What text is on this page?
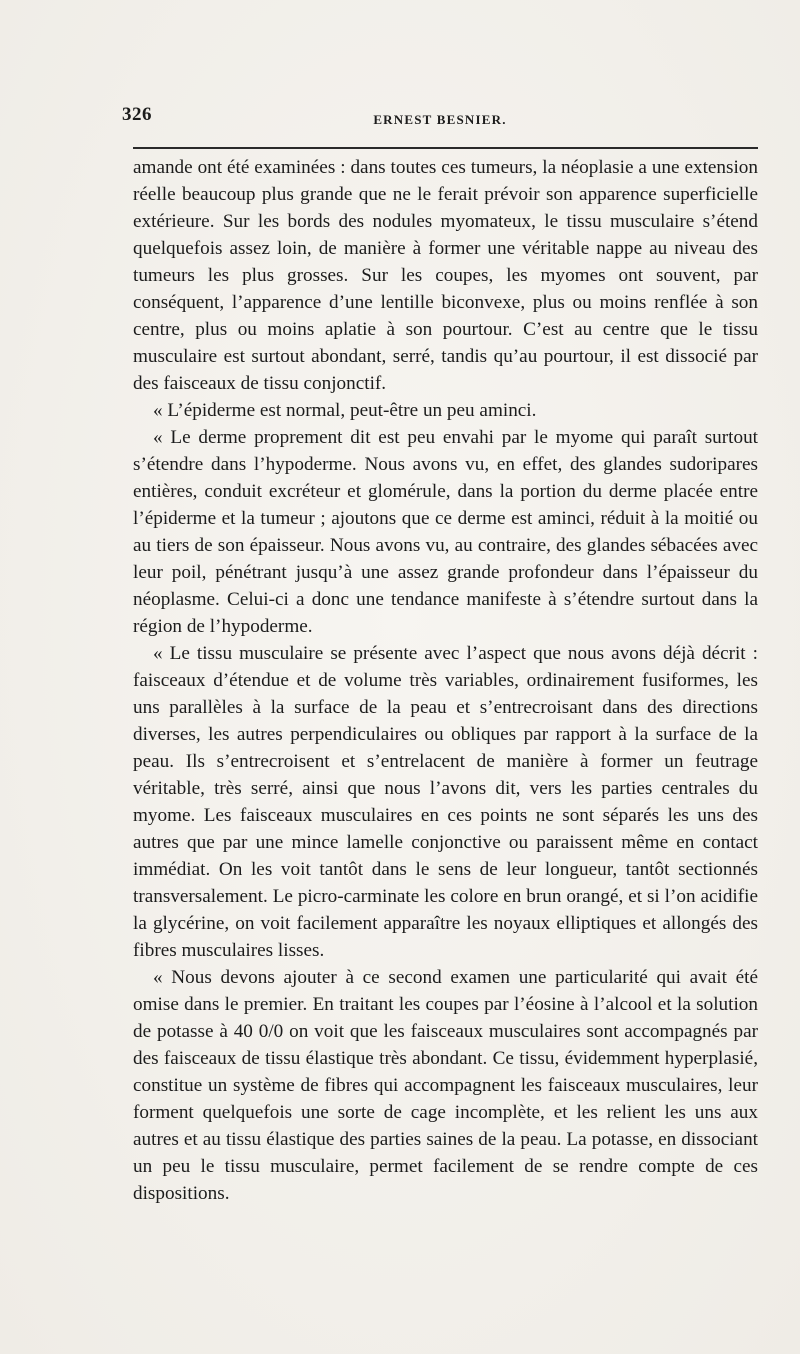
326	ERNEST BESNIER.

amande ont été examinées : dans toutes ces tumeurs, la néoplasie a une extension réelle beaucoup plus grande que ne le ferait prévoir son apparence superficielle extérieure. Sur les bords des nodules myomateux, le tissu musculaire s’étend quelquefois assez loin, de manière à former une véritable nappe au niveau des tumeurs les plus grosses. Sur les coupes, les myomes ont souvent, par conséquent, l’apparence d’une lentille biconvexe, plus ou moins renflée à son centre, plus ou moins aplatie à son pourtour. C’est au centre que le tissu musculaire est surtout abondant, serré, tandis qu’au pourtour, il est dissocié par des faisceaux de tissu conjonctif.

« L’épiderme est normal, peut-être un peu aminci.

« Le derme proprement dit est peu envahi par le myome qui paraît surtout s’étendre dans l’hypoderme. Nous avons vu, en effet, des glandes sudoripares entières, conduit excréteur et glomérule, dans la portion du derme placée entre l’épiderme et la tumeur ; ajoutons que ce derme est aminci, réduit à la moitié ou au tiers de son épaisseur. Nous avons vu, au contraire, des glandes sébacées avec leur poil, pénétrant jusqu’à une assez grande profondeur dans l’épaisseur du néoplasme. Celui-ci a donc une tendance manifeste à s’étendre surtout dans la région de l’hypoderme.

« Le tissu musculaire se présente avec l’aspect que nous avons déjà décrit : faisceaux d’étendue et de volume très variables, ordinairement fusiformes, les uns parallèles à la surface de la peau et s’entrecroisant dans des directions diverses, les autres perpendiculaires ou obliques par rapport à la surface de la peau. Ils s’entrecroisent et s’entrelacent de manière à former un feutrage véritable, très serré, ainsi que nous l’avons dit, vers les parties centrales du myome. Les faisceaux musculaires en ces points ne sont séparés les uns des autres que par une mince lamelle conjonctive ou paraissent même en contact immédiat. On les voit tantôt dans le sens de leur longueur, tantôt sectionnés transversalement. Le picro-carminate les colore en brun orangé, et si l’on acidifie la glycérine, on voit facilement apparaître les noyaux elliptiques et allongés des fibres musculaires lisses.

« Nous devons ajouter à ce second examen une particularité qui avait été omise dans le premier. En traitant les coupes par l’éosine à l’alcool et la solution de potasse à 40 0/0 on voit que les faisceaux musculaires sont accompagnés par des faisceaux de tissu élastique très abondant. Ce tissu, évidemment hyperplasié, constitue un système de fibres qui accompagnent les faisceaux musculaires, leur forment quelquefois une sorte de cage incomplète, et les relient les uns aux autres et au tissu élastique des parties saines de la peau. La potasse, en dissociant un peu le tissu musculaire, permet facilement de se rendre compte de ces dispositions.
